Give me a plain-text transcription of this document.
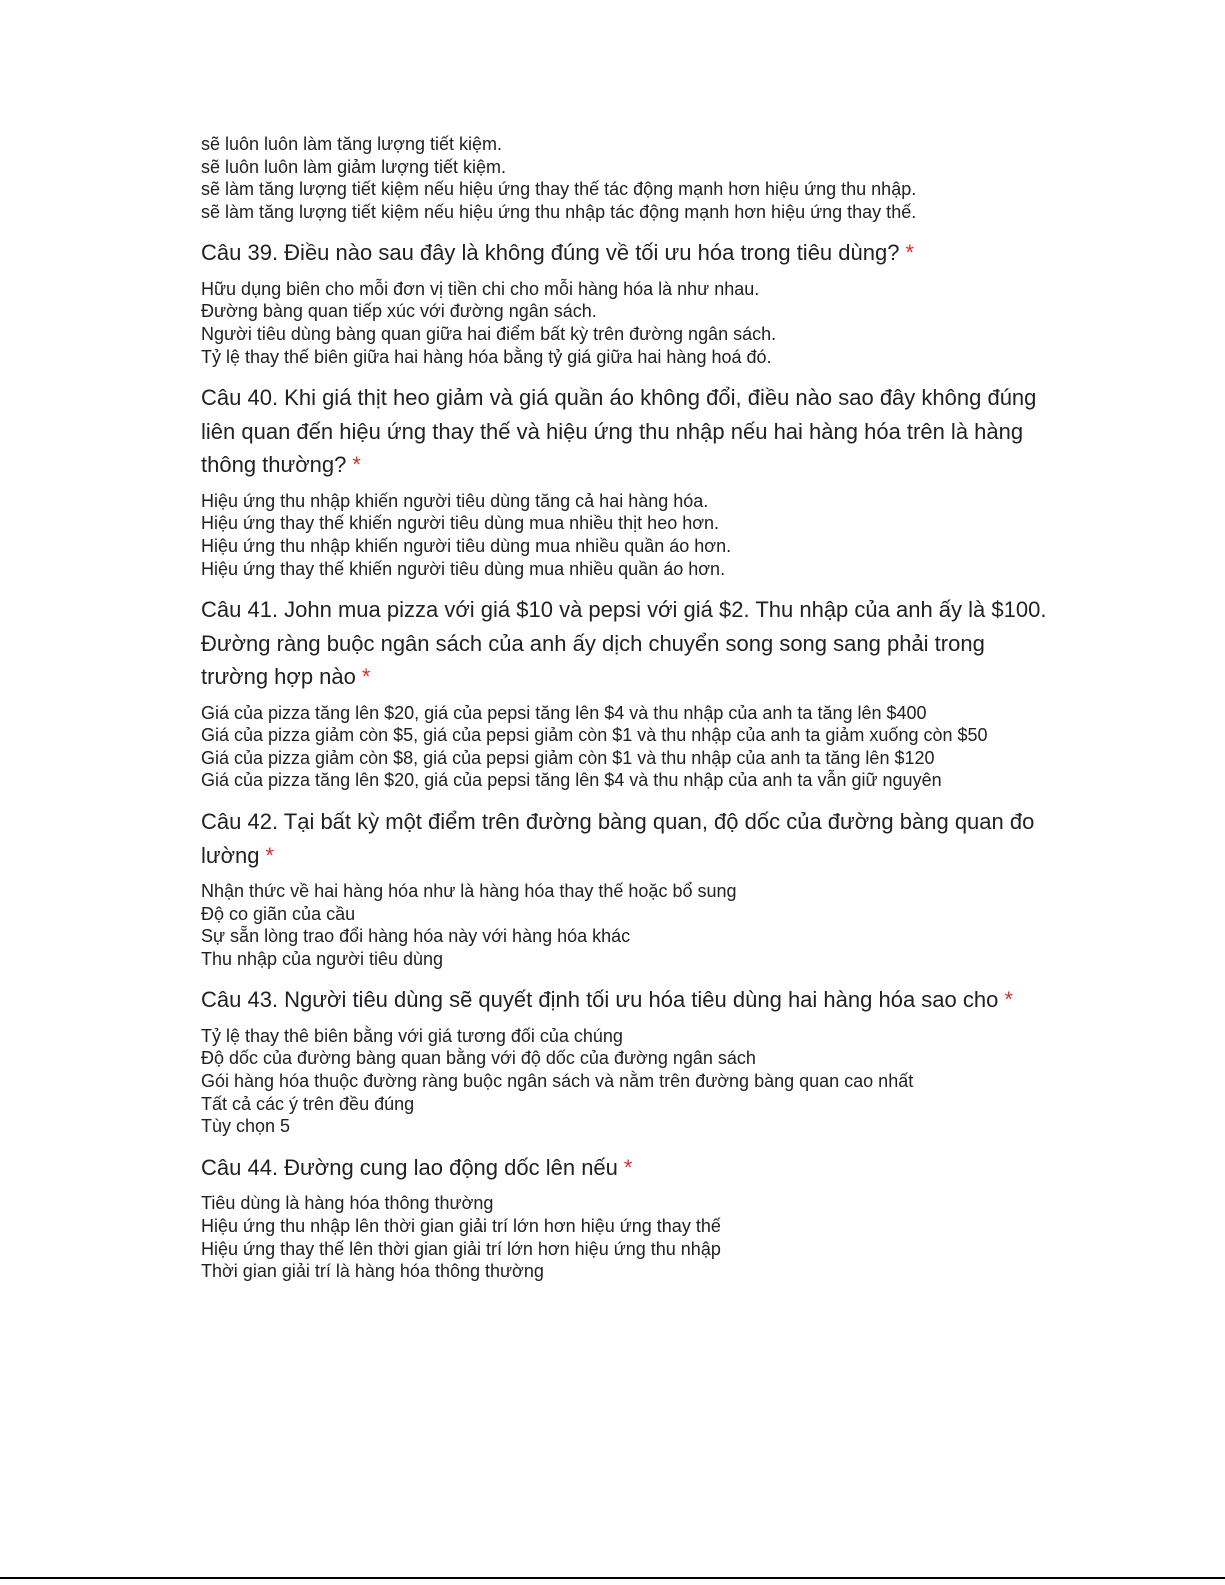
sẽ luôn luôn làm tăng lượng tiết kiệm.
sẽ luôn luôn làm giảm lượng tiết kiệm.
sẽ làm tăng lượng tiết kiệm nếu hiệu ứng thay thế tác động mạnh hơn hiệu ứng thu nhập.
sẽ làm tăng lượng tiết kiệm nếu hiệu ứng thu nhập tác động mạnh hơn hiệu ứng thay thế.

Câu 39. Điều nào sau đây là không đúng về tối ưu hóa trong tiêu dùng? *

Hữu dụng biên cho mỗi đơn vị tiền chi cho mỗi hàng hóa là như nhau.
Đường bàng quan tiếp xúc với đường ngân sách.
Người tiêu dùng bàng quan giữa hai điểm bất kỳ trên đường ngân sách.
Tỷ lệ thay thế biên giữa hai hàng hóa bằng tỷ giá giữa hai hàng hoá đó.

Câu 40. Khi giá thịt heo giảm và giá quần áo không đổi, điều nào sao đây không đúng liên quan đến hiệu ứng thay thế và hiệu ứng thu nhập nếu hai hàng hóa trên là hàng thông thường? *

Hiệu ứng thu nhập khiến người tiêu dùng tăng cả hai hàng hóa.
Hiệu ứng thay thế khiến người tiêu dùng mua nhiều thịt heo hơn.
Hiệu ứng thu nhập khiến người tiêu dùng mua nhiều quần áo hơn.
Hiệu ứng thay thế khiến người tiêu dùng mua nhiều quần áo hơn.

Câu 41. John mua pizza với giá $10 và pepsi với giá $2. Thu nhập của anh ấy là $100. Đường ràng buộc ngân sách của anh ấy dịch chuyển song song sang phải trong trường hợp nào *

Giá của pizza tăng lên $20, giá của pepsi tăng lên $4 và thu nhập của anh ta tăng lên $400
Giá của pizza giảm còn $5, giá của pepsi giảm còn $1 và thu nhập của anh ta giảm xuống còn $50
Giá của pizza giảm còn $8, giá của pepsi giảm còn $1 và thu nhập của anh ta tăng lên $120
Giá của pizza tăng lên $20, giá của pepsi tăng lên $4 và thu nhập của anh ta vẫn giữ nguyên

Câu 42. Tại bất kỳ một điểm trên đường bàng quan, độ dốc của đường bàng quan đo lường *

Nhận thức về hai hàng hóa như là hàng hóa thay thế hoặc bổ sung
Độ co giãn của cầu
Sự sẵn lòng trao đổi hàng hóa này với hàng hóa khác
Thu nhập của người tiêu dùng

Câu 43. Người tiêu dùng sẽ quyết định tối ưu hóa tiêu dùng hai hàng hóa sao cho *

Tỷ lệ thay thê biên bằng với giá tương đối của chúng
Độ dốc của đường bàng quan bằng với độ dốc của đường ngân sách
Gói hàng hóa thuộc đường ràng buộc ngân sách và nằm trên đường bàng quan cao nhất
Tất cả các ý trên đều đúng
Tùy chọn 5

Câu 44. Đường cung lao động dốc lên nếu *

Tiêu dùng là hàng hóa thông thường
Hiệu ứng thu nhập lên thời gian giải trí lớn hơn hiệu ứng thay thế
Hiệu ứng thay thế lên thời gian giải trí lớn hơn hiệu ứng thu nhập
Thời gian giải trí là hàng hóa thông thường
